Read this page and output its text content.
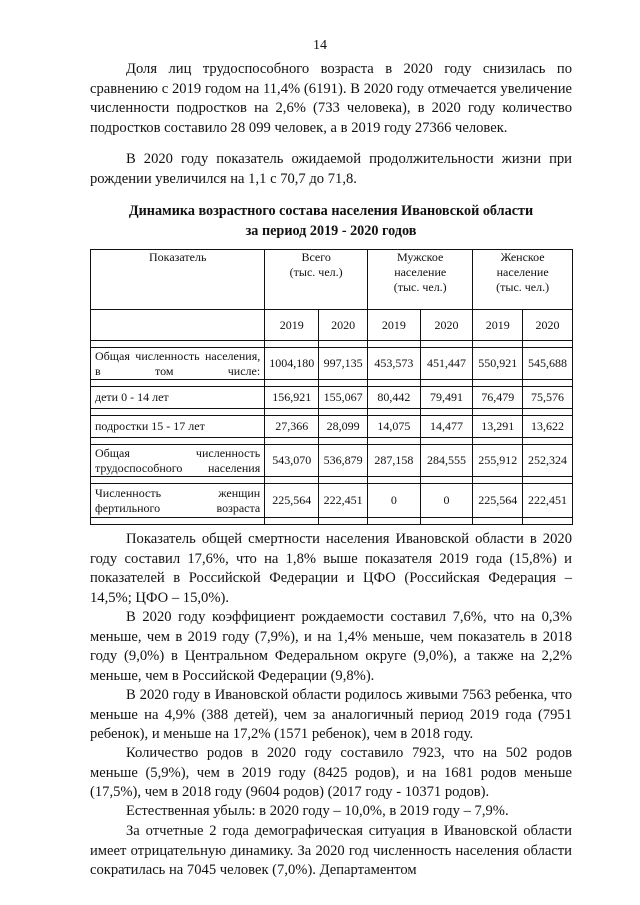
14

Доля лиц трудоспособного возраста в 2020 году снизилась по сравнению с 2019 годом на 11,4% (6191). В 2020 году отмечается увеличение численности подростков на 2,6% (733 человека), в 2020 году количество подростков составило 28 099 человек, а в 2019 году 27366 человек.

В 2020 году показатель ожидаемой продолжительности жизни при рождении увеличился на 1,1 с 70,7 до 71,8.

Динамика возрастного состава населения Ивановской области
за период 2019 - 2020 годов
Показатель	Всего (тыс. чел.)		Мужское население (тыс. чел.)		Женское население (тыс. чел.)	
	2019	2020	2019	2020	2019	2020

Общая численность населения, в том числе:	1004,180	997,135	453,573	451,447	550,921	545,688

дети 0 - 14 лет	156,921	155,067	80,442	79,491	76,479	75,576

подростки 15 - 17 лет	27,366	28,099	14,075	14,477	13,291	13,622

Общая численность трудоспособного населения	543,070	536,879	287,158	284,555	255,912	252,324

Численность женщин фертильного возраста	225,564	222,451	0	0	225,564	222,451

Показатель общей смертности населения Ивановской области в 2020 году составил 17,6%, что на 1,8% выше показателя 2019 года (15,8%) и показателей в Российской Федерации и ЦФО (Российская Федерация – 14,5%; ЦФО – 15,0%).

В 2020 году коэффициент рождаемости составил 7,6%, что на 0,3% меньше, чем в 2019 году (7,9%), и на 1,4% меньше, чем показатель в 2018 году (9,0%) в Центральном Федеральном округе (9,0%), а также на 2,2% меньше, чем в Российской Федерации (9,8%).

В 2020 году в Ивановской области родилось живыми 7563 ребенка, что меньше на 4,9% (388 детей), чем за аналогичный период 2019 года (7951 ребенок), и меньше на 17,2% (1571 ребенок), чем в 2018 году.

Количество родов в 2020 году составило 7923, что на 502 родов меньше (5,9%), чем в 2019 году (8425 родов), и на 1681 родов меньше (17,5%), чем в 2018 году (9604 родов) (2017 году - 10371 родов).

Естественная убыль: в 2020 году – 10,0%, в 2019 году – 7,9%.

За отчетные 2 года демографическая ситуация в Ивановской области имеет отрицательную динамику. За 2020 год численность населения области сократилась на 7045 человек (7,0%). Департаментом
